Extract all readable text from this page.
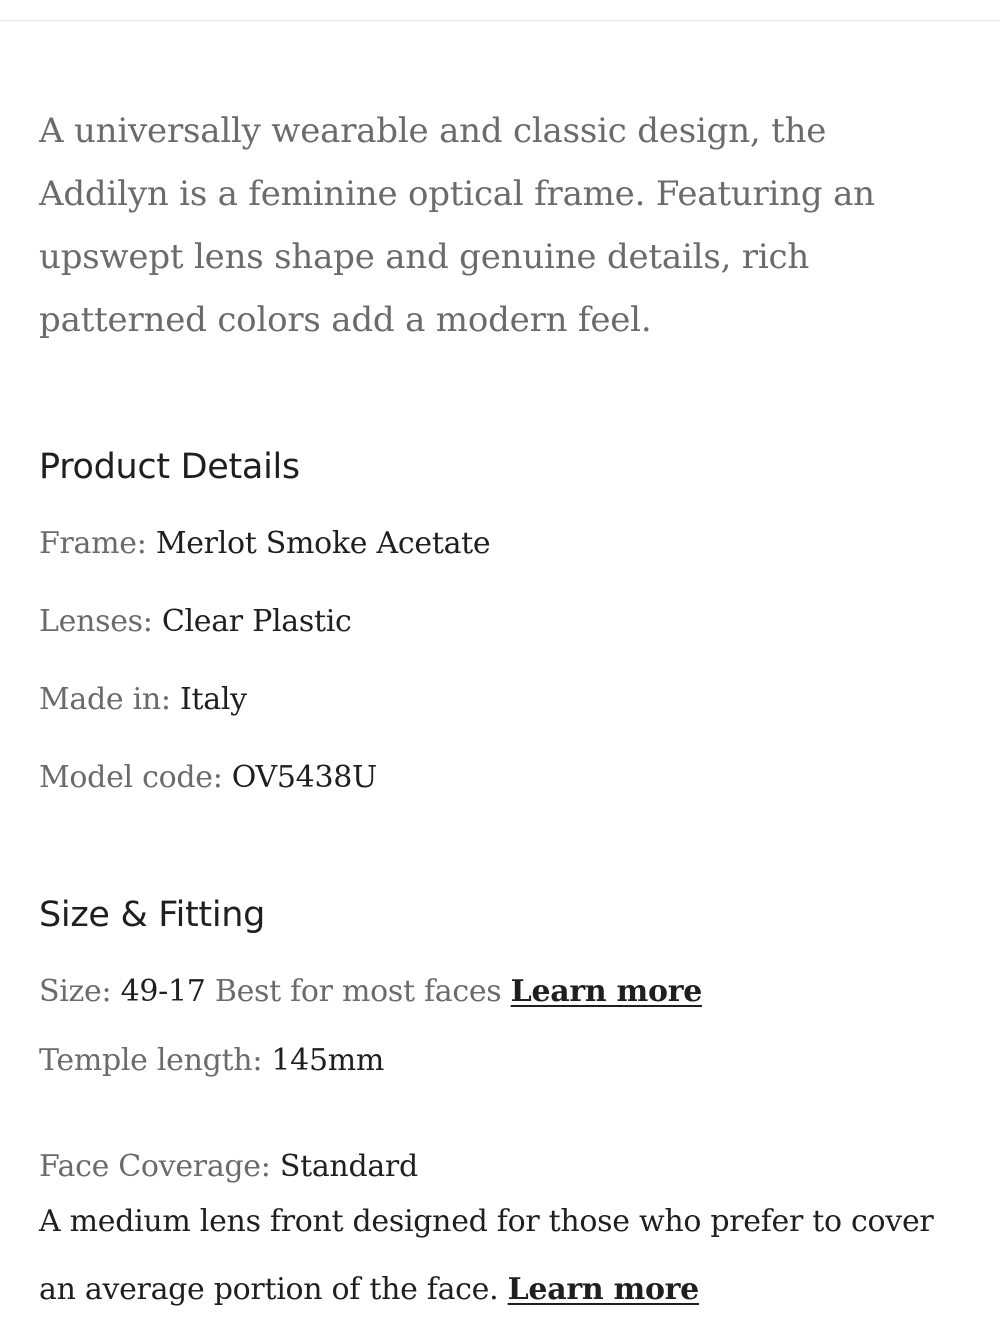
A universally wearable and classic design, the Addilyn is a feminine optical frame. Featuring an upswept lens shape and genuine details, rich patterned colors add a modern feel.

Product Details

Frame: Merlot Smoke Acetate

Lenses: Clear Plastic

Made in: Italy

Model code: OV5438U

Size & Fitting

Size: 49-17 Best for most faces Learn more

Temple length: 145mm

Face Coverage: Standard

A medium lens front designed for those who prefer to cover an average portion of the face. Learn more
